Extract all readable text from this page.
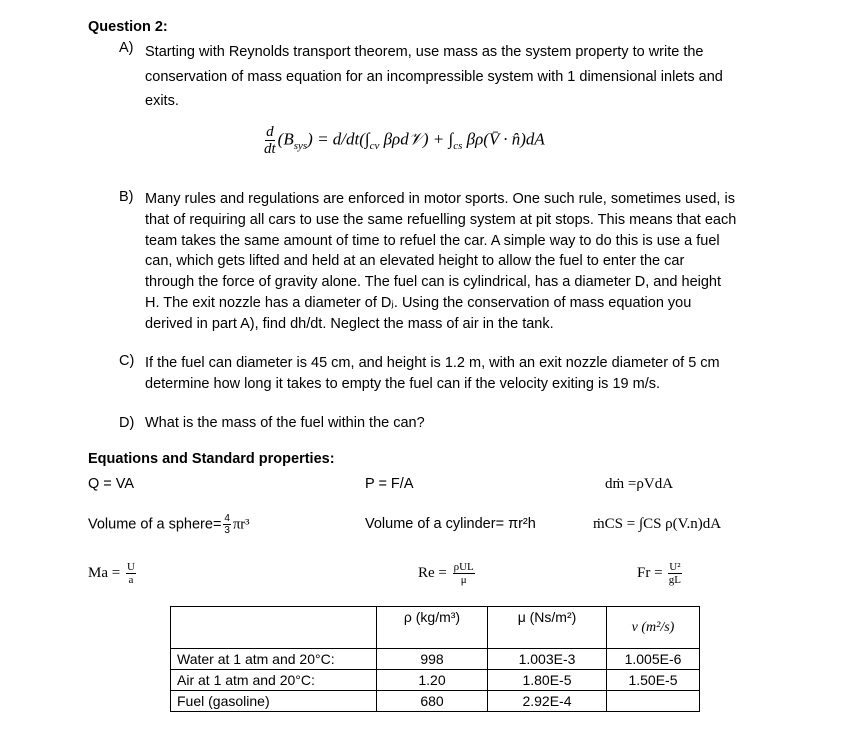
Question 2:
A) Starting with Reynolds transport theorem, use mass as the system property to write the
conservation of mass equation for an incompressible system with 1 dimensional inlets and
exits.
$\frac{d}{dt} (B_{sys}) = d/dt(\int_{cv}$ βρd𝒱) + $\int_{cs}$ βρ(V̄ · n̂)dA
B) Many rules and regulations are enforced in motor sports. One such rule, sometimes used, is
that of requiring all cars to use the same refuelling system at pit stops. This means that each
team takes the same amount of time to refuel the car. A simple way to do this is use a fuel
can, which gets lifted and held at an elevated height to allow the fuel to enter the car
through the force of gravity alone. The fuel can is cylindrical, has a diameter D, and height
H. The exit nozzle has a diameter of Dⱼ. Using the conservation of mass equation you
derived in part A), find dh/dt. Neglect the mass of air in the tank.
C) If the fuel can diameter is 45 cm, and height is 1.2 m, with an exit nozzle diameter of 5 cm
determine how long it takes to empty the fuel can if the velocity exiting is 19 m/s.
D) What is the mass of the fuel within the can?
Equations and Standard properties:
Q = VA	P = F/A	dṁ =ρVdA
Volume of a sphere= $\frac{4}{3} \pi r^3$	Volume of a cylinder= πr²h	ṁCS = ∫CS ρ(V.n)dA
$Ma = \frac{U}{a}$	$Re = \frac{\text{ρUL}}{\mu}$	$Fr = \frac{\text{U²}}{gL}$
	ρ (kg/m³)	μ (Ns/m²)	ν (m²/s)
Water at 1 atm and 20°C:	998	1.003E-3	1.005E-6
Air at 1 atm and 20°C:	1.20	1.80E-5	1.50E-5
Fuel (gasoline)	680	2.92E-4	
